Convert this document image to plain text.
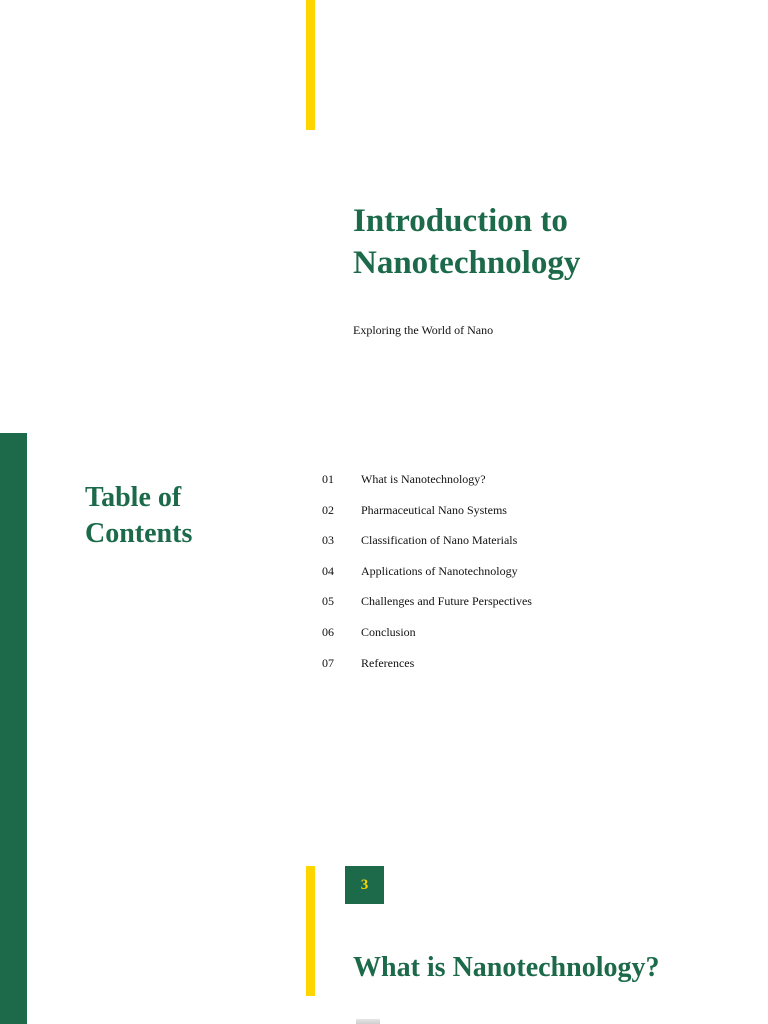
Introduction to
Nanotechnology

Exploring the World of Nano

Table of
Contents
01 What is Nanotechnology?
02 Pharmaceutical Nano Systems
03 Classification of Nano Materials
04 Applications of Nanotechnology
05 Challenges and Future Perspectives
06 Conclusion
07 References
3
What is Nanotechnology?
